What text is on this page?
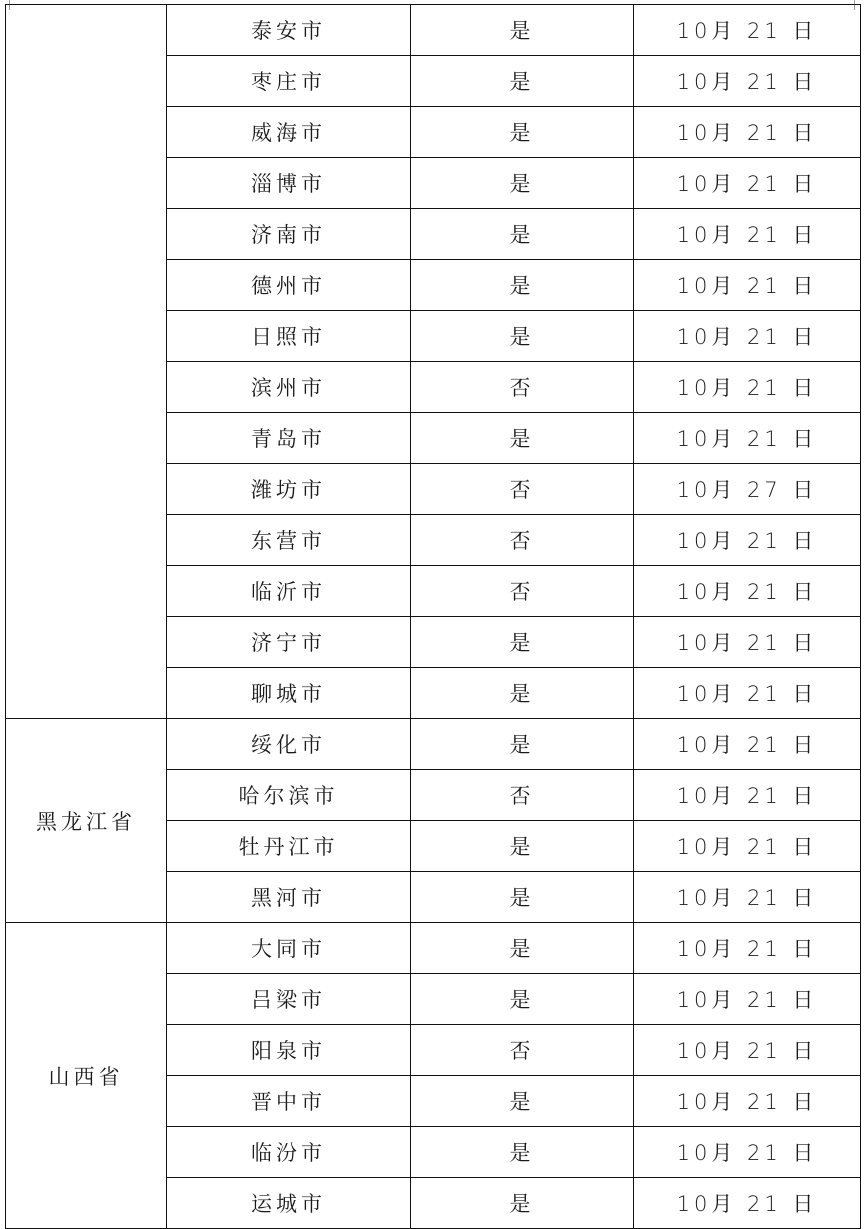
	泰安市	是	10月 21 日
	枣庄市	是	10月 21 日
	威海市	是	10月 21 日
	淄博市	是	10月 21 日
	济南市	是	10月 21 日
	德州市	是	10月 21 日
	日照市	是	10月 21 日
	滨州市	否	10月 21 日
	青岛市	是	10月 21 日
	潍坊市	否	10月 27 日
	东营市	否	10月 21 日
	临沂市	否	10月 21 日
	济宁市	是	10月 21 日
	聊城市	是	10月 21 日
黑龙江省	绥化市	是	10月 21 日
	哈尔滨市	否	10月 21 日
	牡丹江市	是	10月 21 日
	黑河市	是	10月 21 日
山西省	大同市	是	10月 21 日
	吕梁市	是	10月 21 日
	阳泉市	否	10月 21 日
	晋中市	是	10月 21 日
	临汾市	是	10月 21 日
	运城市	是	10月 21 日
